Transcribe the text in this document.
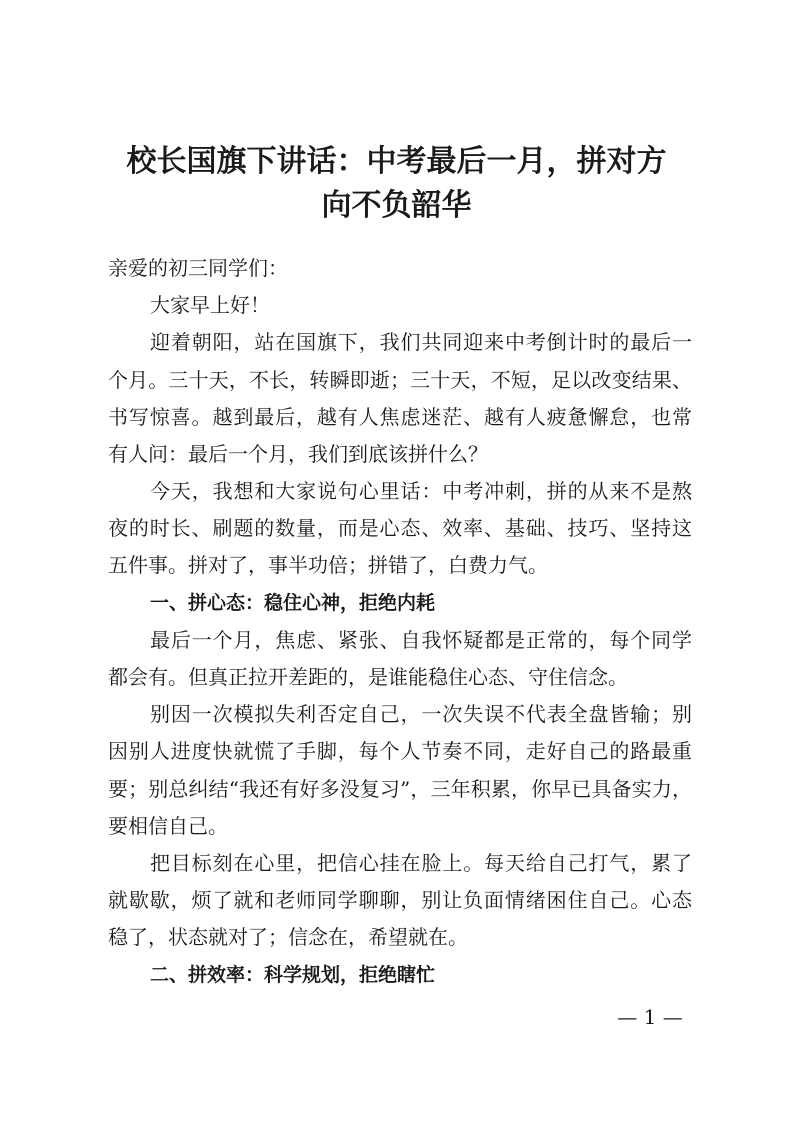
校长国旗下讲话：中考最后一月，拼对方
向不负韶华
亲爱的初三同学们：
大家早上好！
迎着朝阳，站在国旗下，我们共同迎来中考倒计时的最后一
个月。三十天，不长，转瞬即逝；三十天，不短，足以改变结果、
书写惊喜。越到最后，越有人焦虑迷茫、越有人疲惫懈怠，也常
有人问：最后一个月，我们到底该拼什么？
今天，我想和大家说句心里话：中考冲刺，拼的从来不是熬
夜的时长、刷题的数量，而是心态、效率、基础、技巧、坚持这
五件事。拼对了，事半功倍；拼错了，白费力气。
一、拼心态：稳住心神，拒绝内耗
最后一个月，焦虑、紧张、自我怀疑都是正常的，每个同学
都会有。但真正拉开差距的，是谁能稳住心态、守住信念。
别因一次模拟失利否定自己，一次失误不代表全盘皆输；别
因别人进度快就慌了手脚，每个人节奏不同，走好自己的路最重
要；别总纠结“我还有好多没复习”，三年积累，你早已具备实力，
要相信自己。
把目标刻在心里，把信心挂在脸上。每天给自己打气，累了
就歇歇，烦了就和老师同学聊聊，别让负面情绪困住自己。心态
稳了，状态就对了；信念在，希望就在。
二、拼效率：科学规划，拒绝瞎忙
— 1 —
